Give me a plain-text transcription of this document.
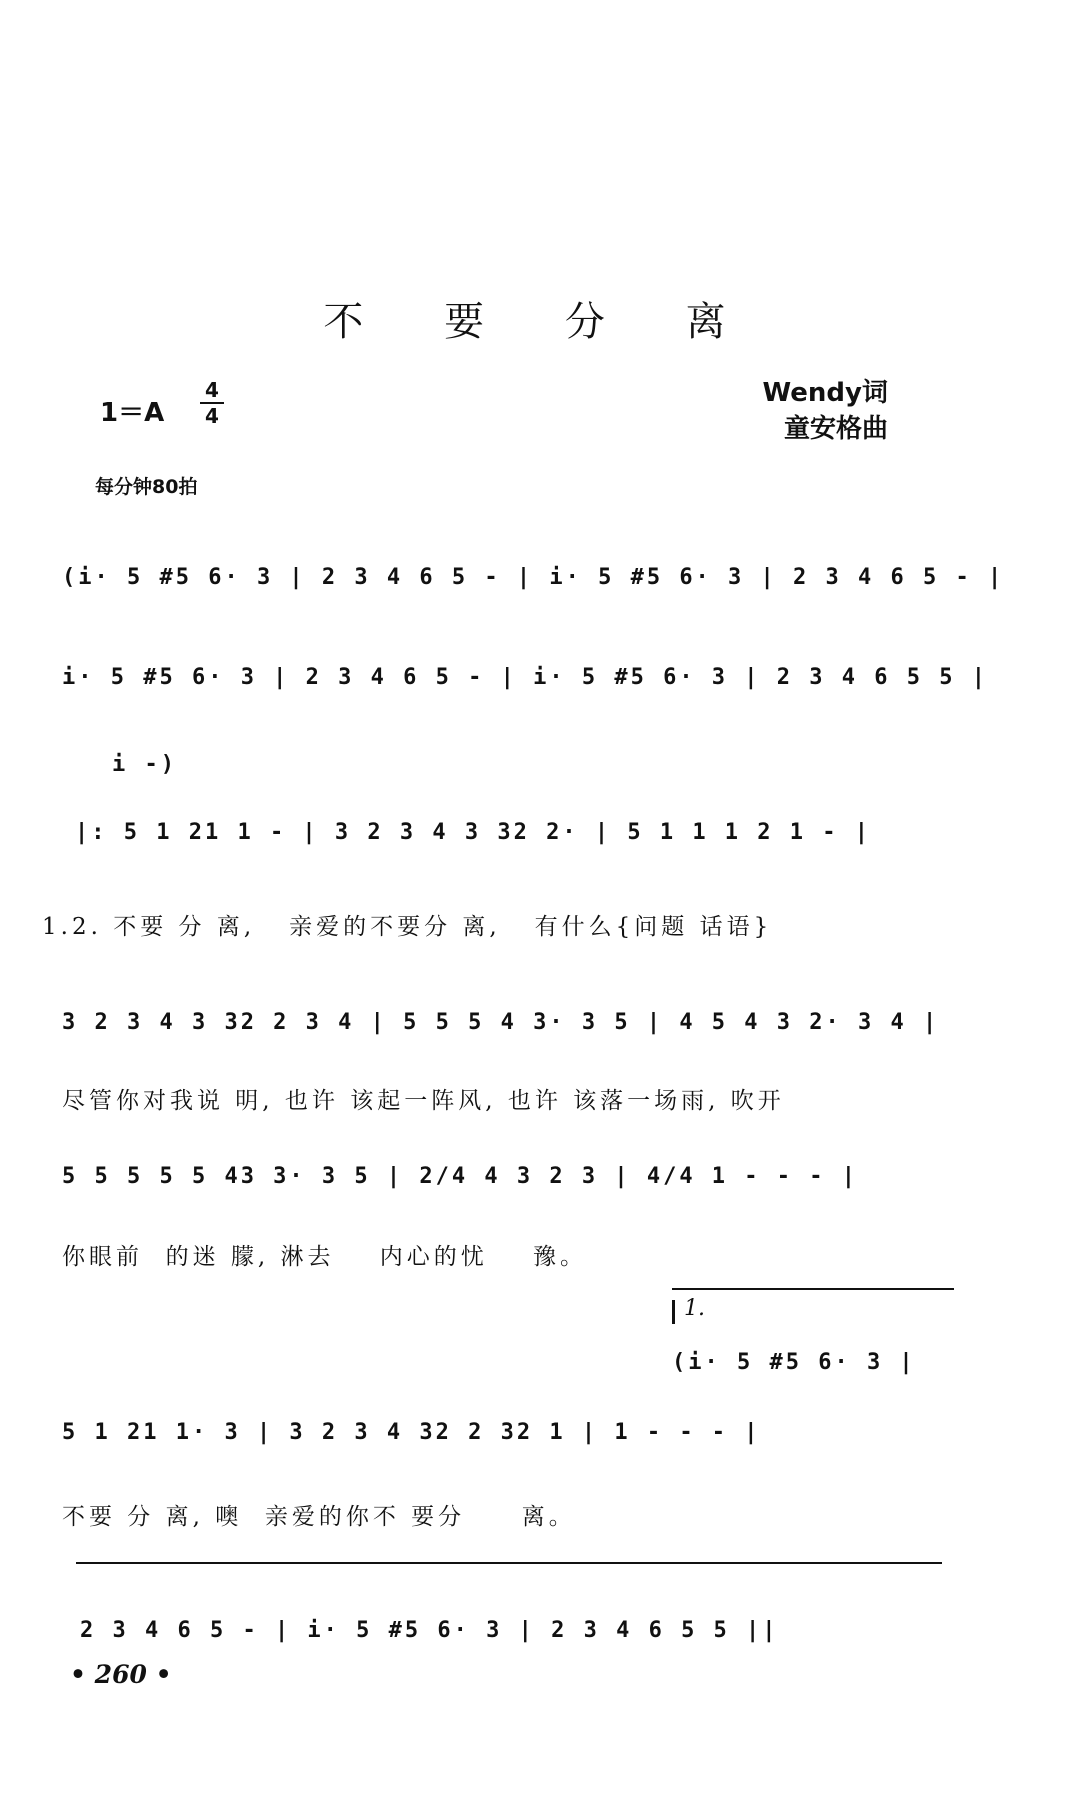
不 要 分 离
1＝A
4
4
Wendy词
童安格曲
每分钟80拍
(i· 5 #5 6· 3 | 2 3 4 6 5 - | i· 5 #5 6· 3 | 2 3 4 6 5 - |
i· 5 #5 6· 3 | 2 3 4 6 5 - | i· 5 #5 6· 3 | 2 3 4 6 5 5 |
i -)
|: 5 1 21 1 - | 3 2 3 4 3 32 2· | 5 1 1 1 2 1 - |
1.2. 不要 分 离,   亲爱的不要分 离,   有什么{问题 话语}
3 2 3 4 3 32 2 3 4 | 5 5 5 4 3· 3 5 | 4 5 4 3 2· 3 4 |
尽管你对我说 明, 也许 该起一阵风, 也许 该落一场雨, 吹开
5 5 5 5 5 43 3· 3 5 | 2/4 4 3 2 3 | 4/4 1 - - - |
你眼前  的迷 朦, 淋去    内心的忧    豫。
1.
(i· 5 #5 6· 3 |
5 1 21 1· 3 | 3 2 3 4 32 2 32 1 | 1 - - - |
不要 分 离, 噢  亲爱的你不 要分     离。
2 3 4 6 5 - | i· 5 #5 6· 3 | 2 3 4 6 5 5 ||
• 260 •
